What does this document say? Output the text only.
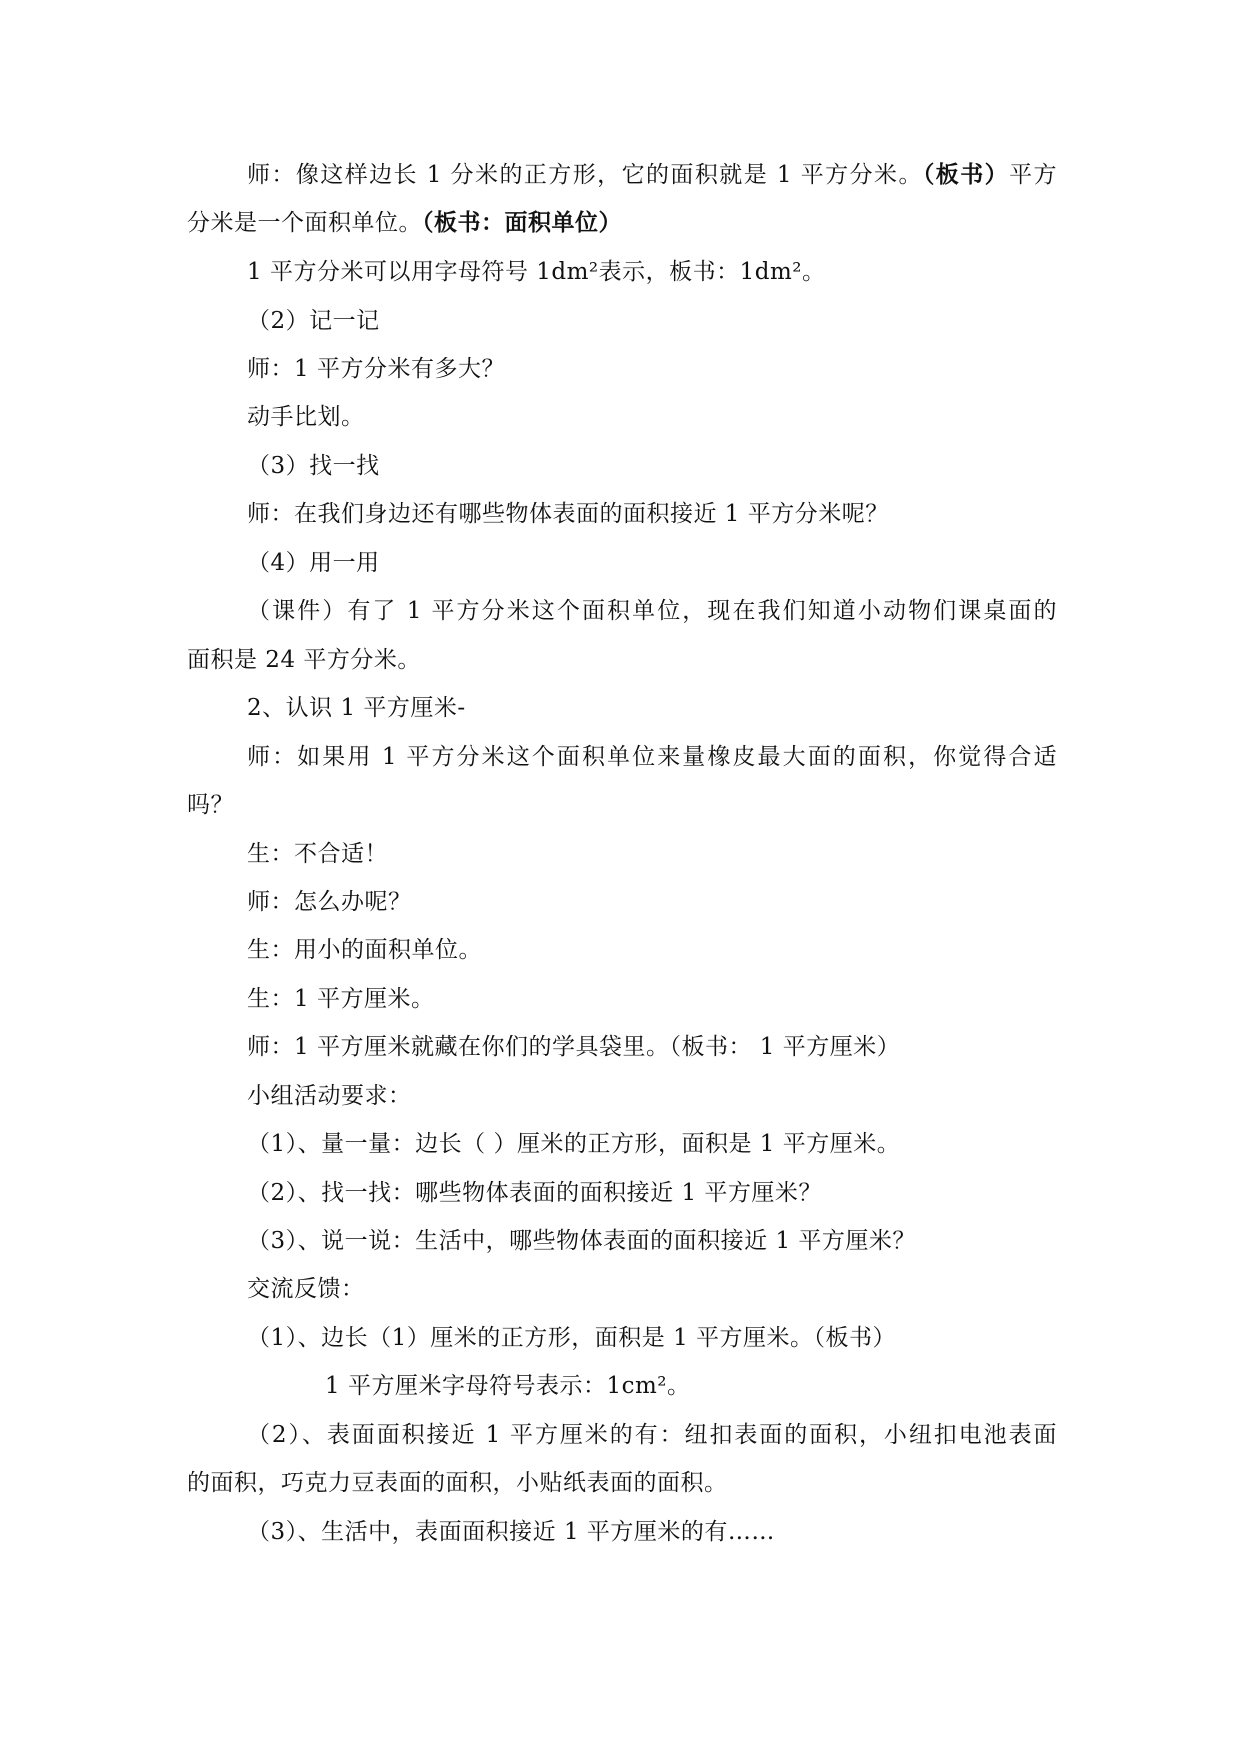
师：像这样边长 1 分米的正方形，它的面积就是 1 平方分米。（板书）平方
分米是一个面积单位。（板书：面积单位）
1 平方分米可以用字母符号 1dm²表示，板书：1dm²。
（2）记一记
师：1 平方分米有多大？
动手比划。
（3）找一找
师：在我们身边还有哪些物体表面的面积接近 1 平方分米呢？
（4）用一用
（课件）有了 1 平方分米这个面积单位，现在我们知道小动物们课桌面的
面积是 24 平方分米。
2、认识 1 平方厘米-
师：如果用 1 平方分米这个面积单位来量橡皮最大面的面积，你觉得合适
吗？
生：不合适！
师：怎么办呢？
生：用小的面积单位。
生：1 平方厘米。
师：1 平方厘米就藏在你们的学具袋里。（板书： 1 平方厘米）
小组活动要求：
（1）、量一量：边长（ ）厘米的正方形，面积是 1 平方厘米。
（2）、找一找：哪些物体表面的面积接近 1 平方厘米？
（3）、说一说：生活中，哪些物体表面的面积接近 1 平方厘米？
交流反馈：
（1）、边长（1）厘米的正方形，面积是 1 平方厘米。（板书）
1 平方厘米字母符号表示：1cm²。
（2）、表面面积接近 1 平方厘米的有：纽扣表面的面积，小纽扣电池表面
的面积，巧克力豆表面的面积，小贴纸表面的面积。
（3）、生活中，表面面积接近 1 平方厘米的有……
